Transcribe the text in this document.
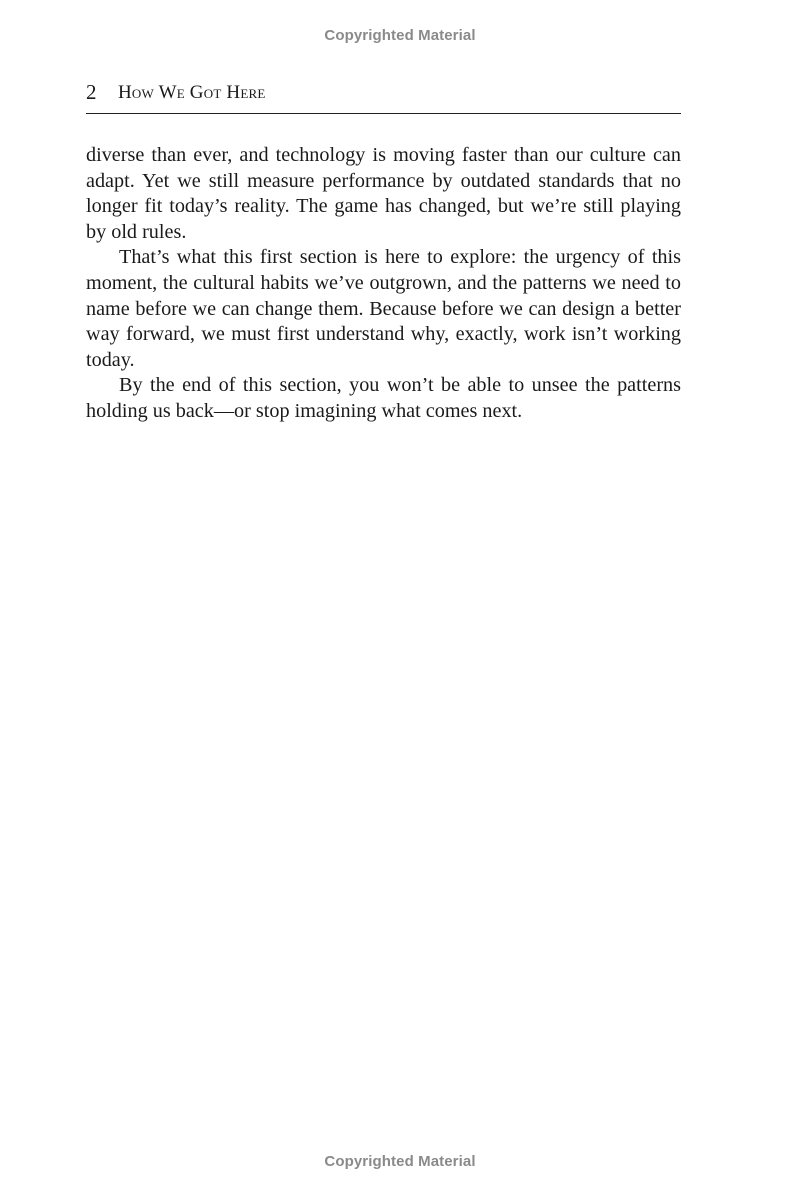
Copyrighted Material
2 How We Got Here

diverse than ever, and technology is moving faster than our culture can adapt. Yet we still measure performance by outdated standards that no longer fit today’s reality. The game has changed, but we’re still playing by old rules.

That’s what this first section is here to explore: the urgency of this moment, the cultural habits we’ve outgrown, and the patterns we need to name before we can change them. Because before we can design a better way forward, we must first understand why, exactly, work isn’t working today.

By the end of this section, you won’t be able to unsee the patterns holding us back—or stop imagining what comes next.

Copyrighted Material
